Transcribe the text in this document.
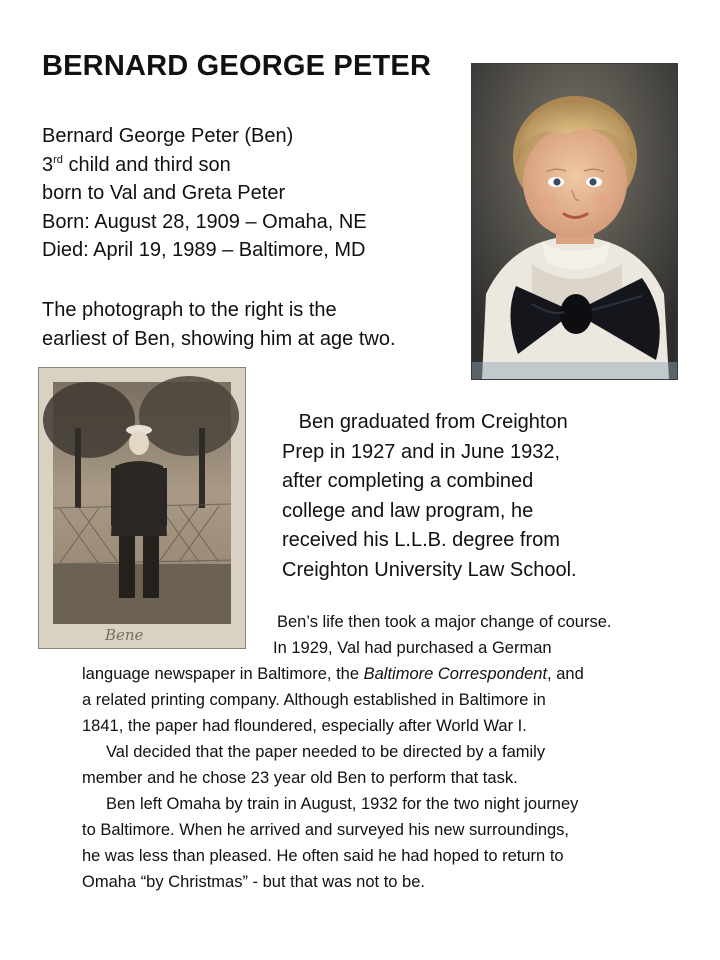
BERNARD GEORGE PETER
Bernard George Peter (Ben)
3rd child and third son
born to Val and Greta Peter
Born: August 28, 1909 – Omaha, NE
Died: April 19, 1989 – Baltimore, MD
The photograph to the right is the
earliest of Ben, showing him at age two.
Bene
Ben graduated from Creighton
Prep in 1927 and in June 1932,
after completing a combined
college and law program, he
received his L.L.B. degree from
Creighton University Law School.
Ben’s life then took a major change of course.
In 1929, Val had purchased a German
language newspaper in Baltimore, the Baltimore Correspondent, and
a related printing company. Although established in Baltimore in
1841, the paper had floundered, especially after World War I.
Val decided that the paper needed to be directed by a family
member and he chose 23 year old Ben to perform that task.
Ben left Omaha by train in August, 1932 for the two night journey
to Baltimore. When he arrived and surveyed his new surroundings,
he was less than pleased. He often said he had hoped to return to
Omaha “by Christmas” - but that was not to be.
